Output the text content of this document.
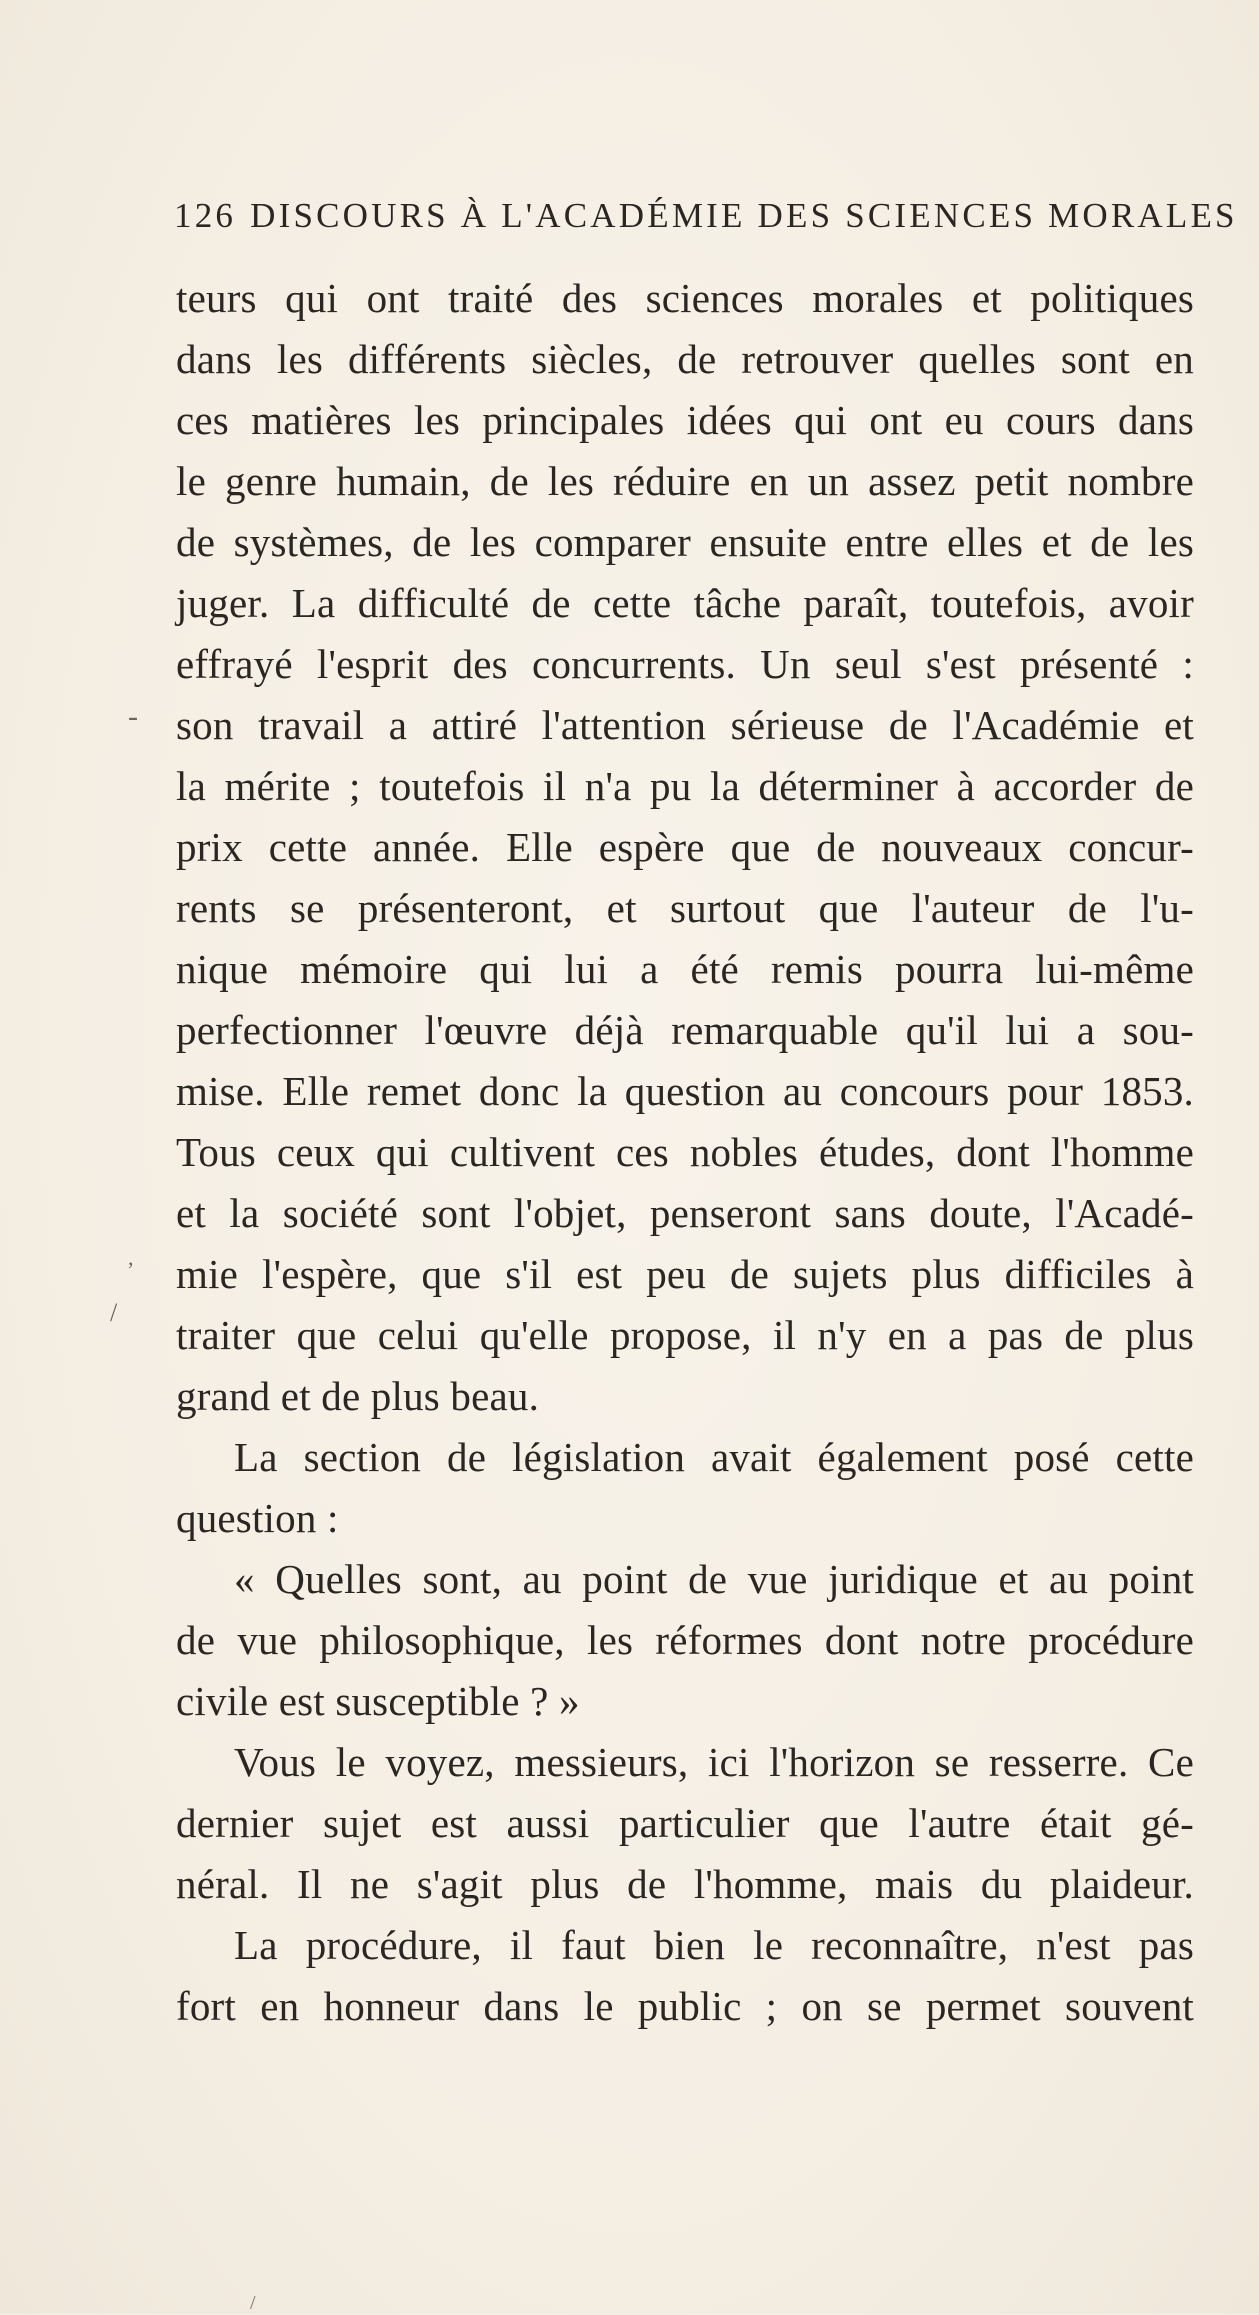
126 DISCOURS À L'ACADÉMIE DES SCIENCES MORALES
teurs qui ont traité des sciences morales et politiques
dans les différents siècles, de retrouver quelles sont en
ces matières les principales idées qui ont eu cours dans
le genre humain, de les réduire en un assez petit nombre
de systèmes, de les comparer ensuite entre elles et de les
juger. La difficulté de cette tâche paraît, toutefois, avoir
effrayé l'esprit des concurrents. Un seul s'est présenté :
son travail a attiré l'attention sérieuse de l'Académie et
la mérite ; toutefois il n'a pu la déterminer à accorder de
prix cette année. Elle espère que de nouveaux concur-
rents se présenteront, et surtout que l'auteur de l'u-
nique mémoire qui lui a été remis pourra lui-même
perfectionner l'œuvre déjà remarquable qu'il lui a sou-
mise. Elle remet donc la question au concours pour 1853.
Tous ceux qui cultivent ces nobles études, dont l'homme
et la société sont l'objet, penseront sans doute, l'Acadé-
mie l'espère, que s'il est peu de sujets plus difficiles à
traiter que celui qu'elle propose, il n'y en a pas de plus
grand et de plus beau.
La section de législation avait également posé cette
question :
« Quelles sont, au point de vue juridique et au point
de vue philosophique, les réformes dont notre procédure
civile est susceptible ? »
Vous le voyez, messieurs, ici l'horizon se resserre. Ce
dernier sujet est aussi particulier que l'autre était gé-
néral. Il ne s'agit plus de l'homme, mais du plaideur.
La procédure, il faut bien le reconnaître, n'est pas
fort en honneur dans le public ; on se permet souvent
-
,
/
/
